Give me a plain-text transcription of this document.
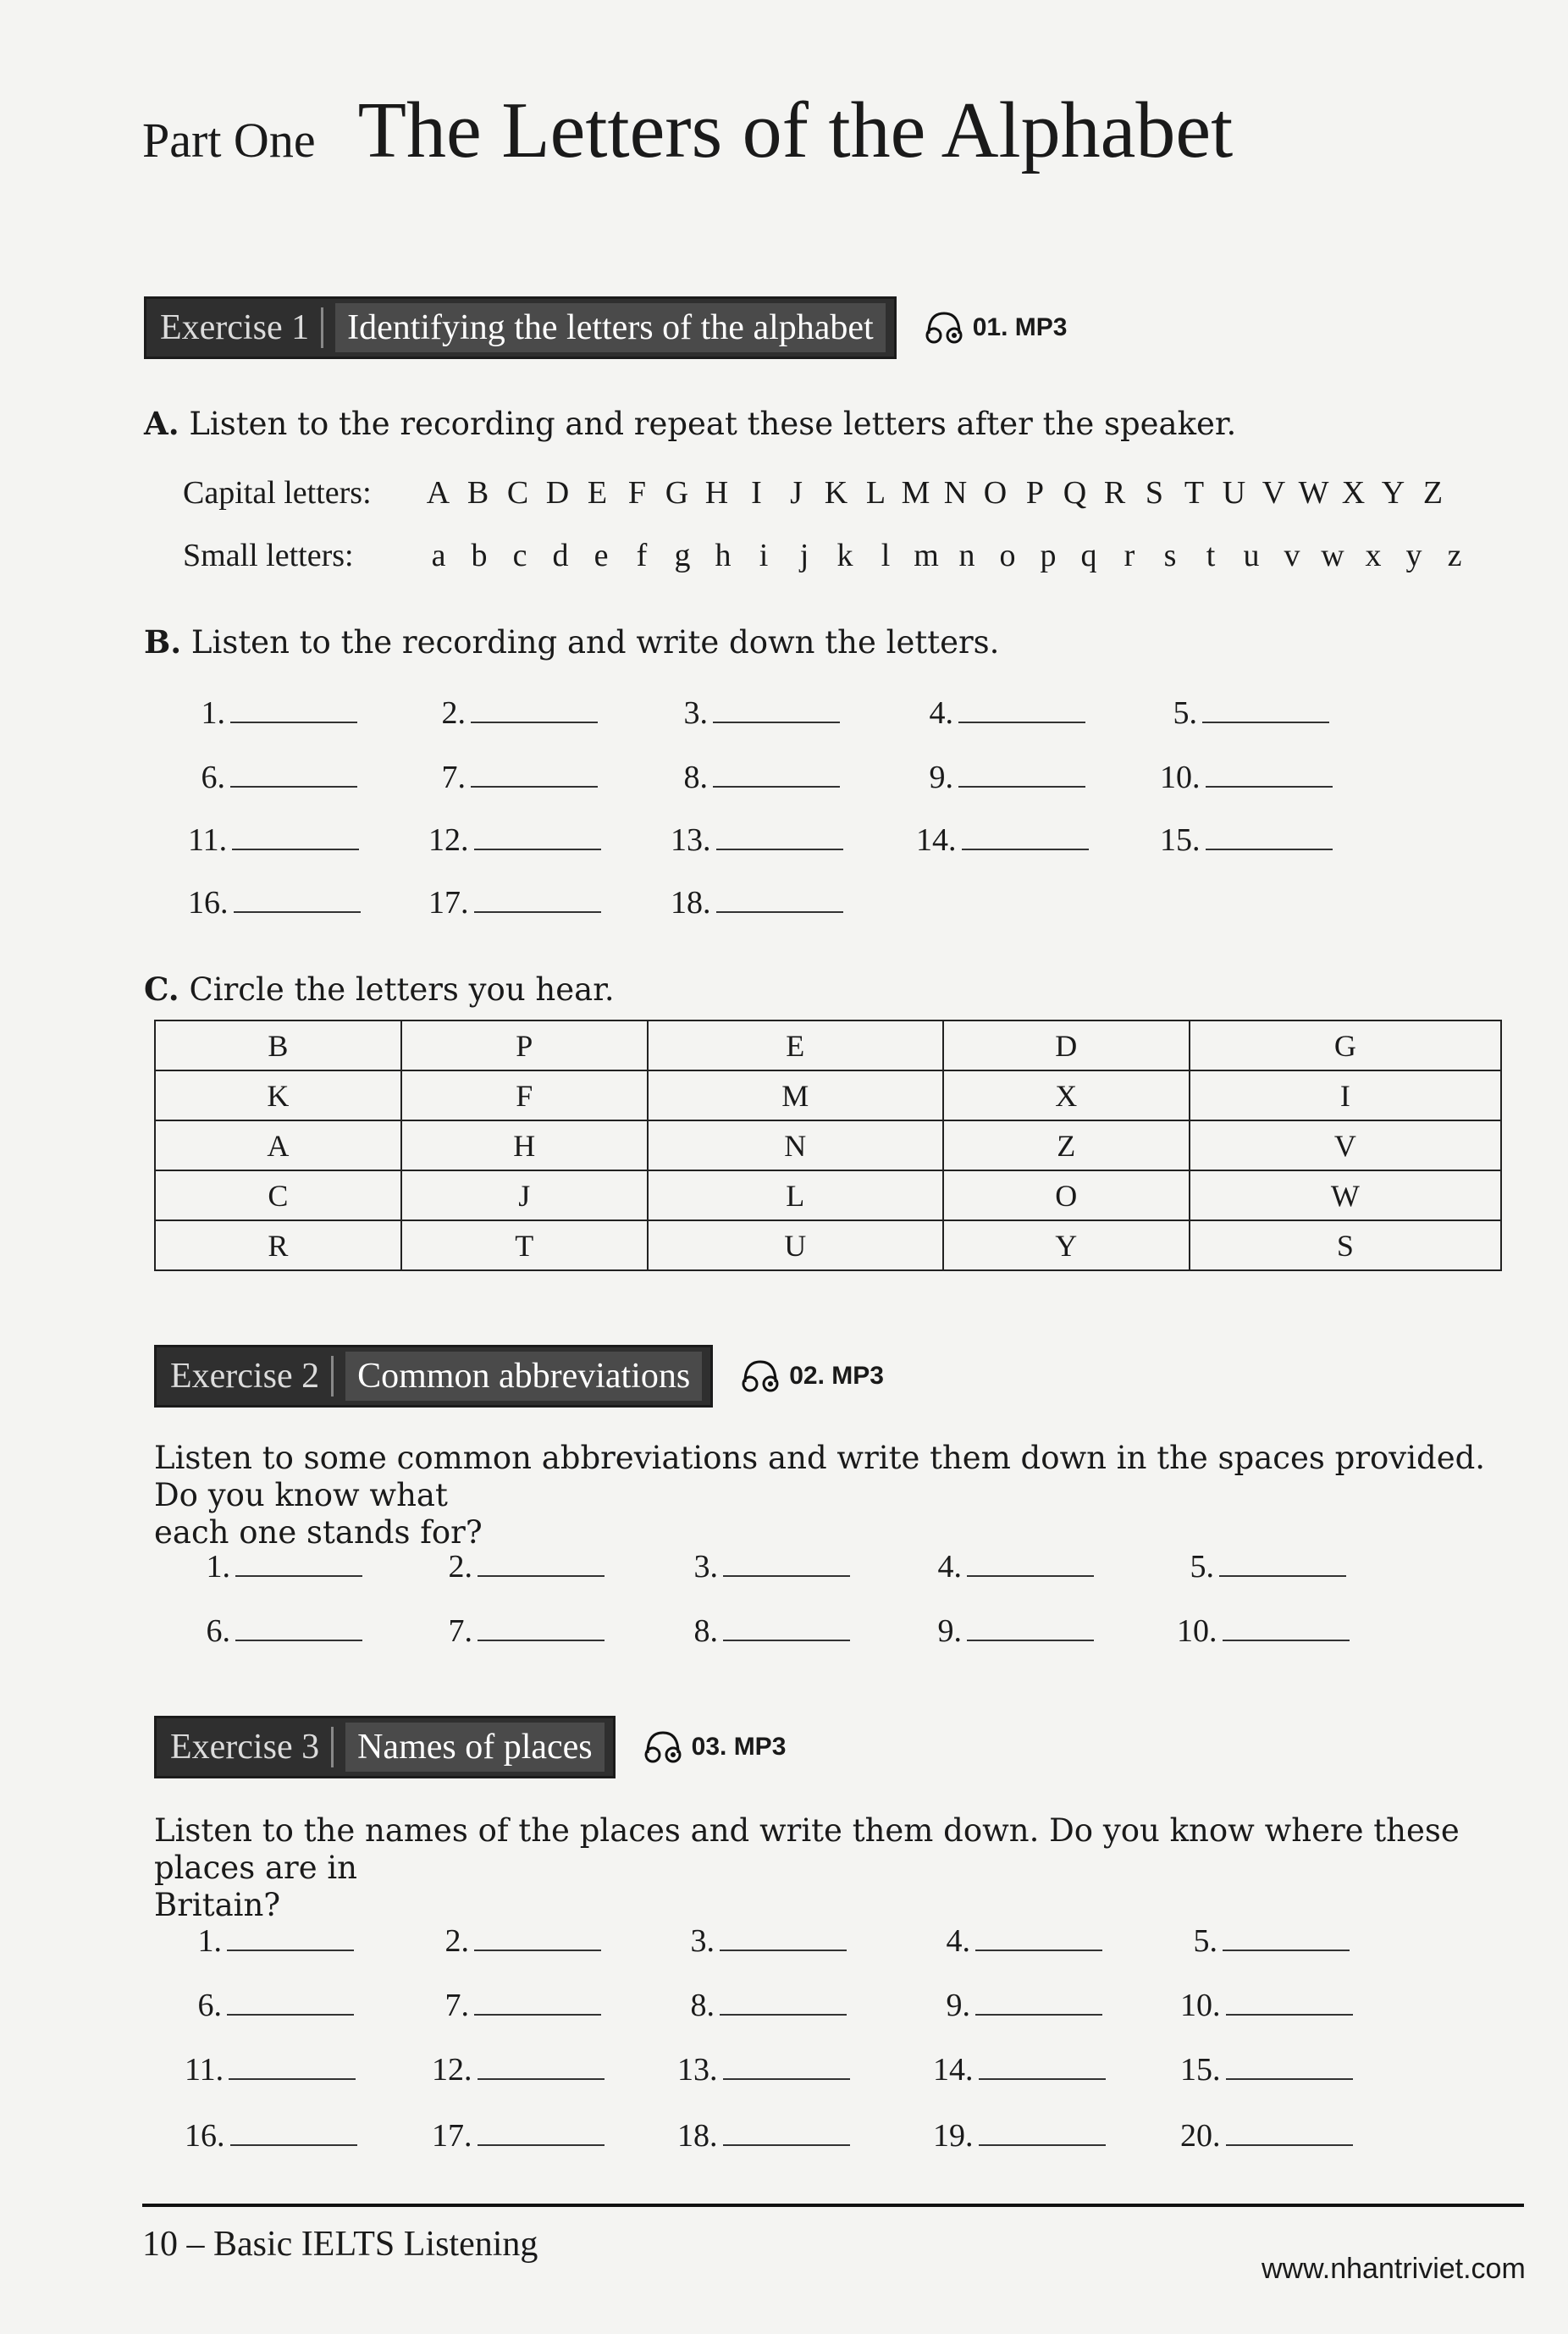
Part One The Letters of the Alphabet
Exercise 1	Identifying the letters of the alphabet	01. MP3
A. Listen to the recording and repeat these letters after the speaker.
Capital letters:	A B C D E F G H I J K L M N O P Q R S T U V W X Y Z
Small letters:	a b c d e f g h i j k l m n o p q r s t u v w x y z
B. Listen to the recording and write down the letters.
1.	2.	3.	4.	5.
6.	7.	8.	9.	10.
11.	12.	13.	14.	15.
16.	17.	18.
C. Circle the letters you hear.
B	P	E	D	G
K	F	M	X	I
A	H	N	Z	V
C	J	L	O	W
R	T	U	Y	S
Exercise 2	Common abbreviations	02. MP3
Listen to some common abbreviations and write them down in the spaces provided. Do you know what
each one stands for?
1.	2.	3.	4.	5.
6.	7.	8.	9.	10.
Exercise 3	Names of places	03. MP3
Listen to the names of the places and write them down. Do you know where these places are in
Britain?
1.	2.	3.	4.	5.
6.	7.	8.	9.	10.
11.	12.	13.	14.	15.
16.	17.	18.	19.	20.
10 – Basic IELTS Listening
www.nhantriviet.com
